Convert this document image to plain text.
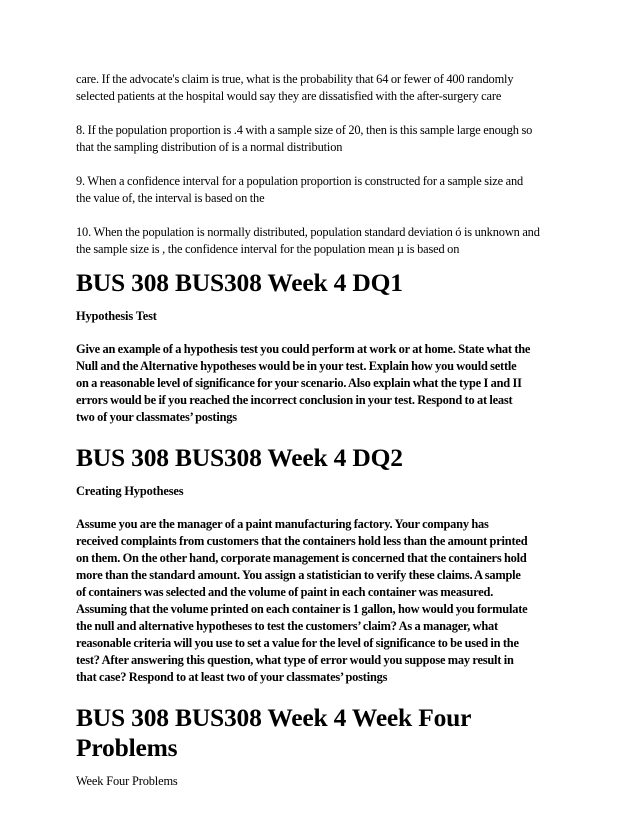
care. If the advocate's claim is true, what is the probability that 64 or fewer of 400 randomly
selected patients at the hospital would say they are dissatisfied with the after-surgery care

8. If the population proportion is .4 with a sample size of 20, then is this sample large enough so
that the sampling distribution of is a normal distribution

9. When a confidence interval for a population proportion is constructed for a sample size and
the value of, the interval is based on the

10. When the population is normally distributed, population standard deviation ó is unknown and
the sample size is , the confidence interval for the population mean µ is based on

BUS 308 BUS308 Week 4 DQ1
Hypothesis Test

Give an example of a hypothesis test you could perform at work or at home. State what the
Null and the Alternative hypotheses would be in your test. Explain how you would settle
on a reasonable level of significance for your scenario. Also explain what the type I and II
errors would be if you reached the incorrect conclusion in your test. Respond to at least
two of your classmates’ postings

BUS 308 BUS308 Week 4 DQ2
Creating Hypotheses

Assume you are the manager of a paint manufacturing factory. Your company has
received complaints from customers that the containers hold less than the amount printed
on them. On the other hand, corporate management is concerned that the containers hold
more than the standard amount. You assign a statistician to verify these claims. A sample
of containers was selected and the volume of paint in each container was measured.
Assuming that the volume printed on each container is 1 gallon, how would you formulate
the null and alternative hypotheses to test the customers’ claim? As a manager, what
reasonable criteria will you use to set a value for the level of significance to be used in the
test? After answering this question, what type of error would you suppose may result in
that case? Respond to at least two of your classmates’ postings

BUS 308 BUS308 Week 4 Week Four
Problems
Week Four Problems
